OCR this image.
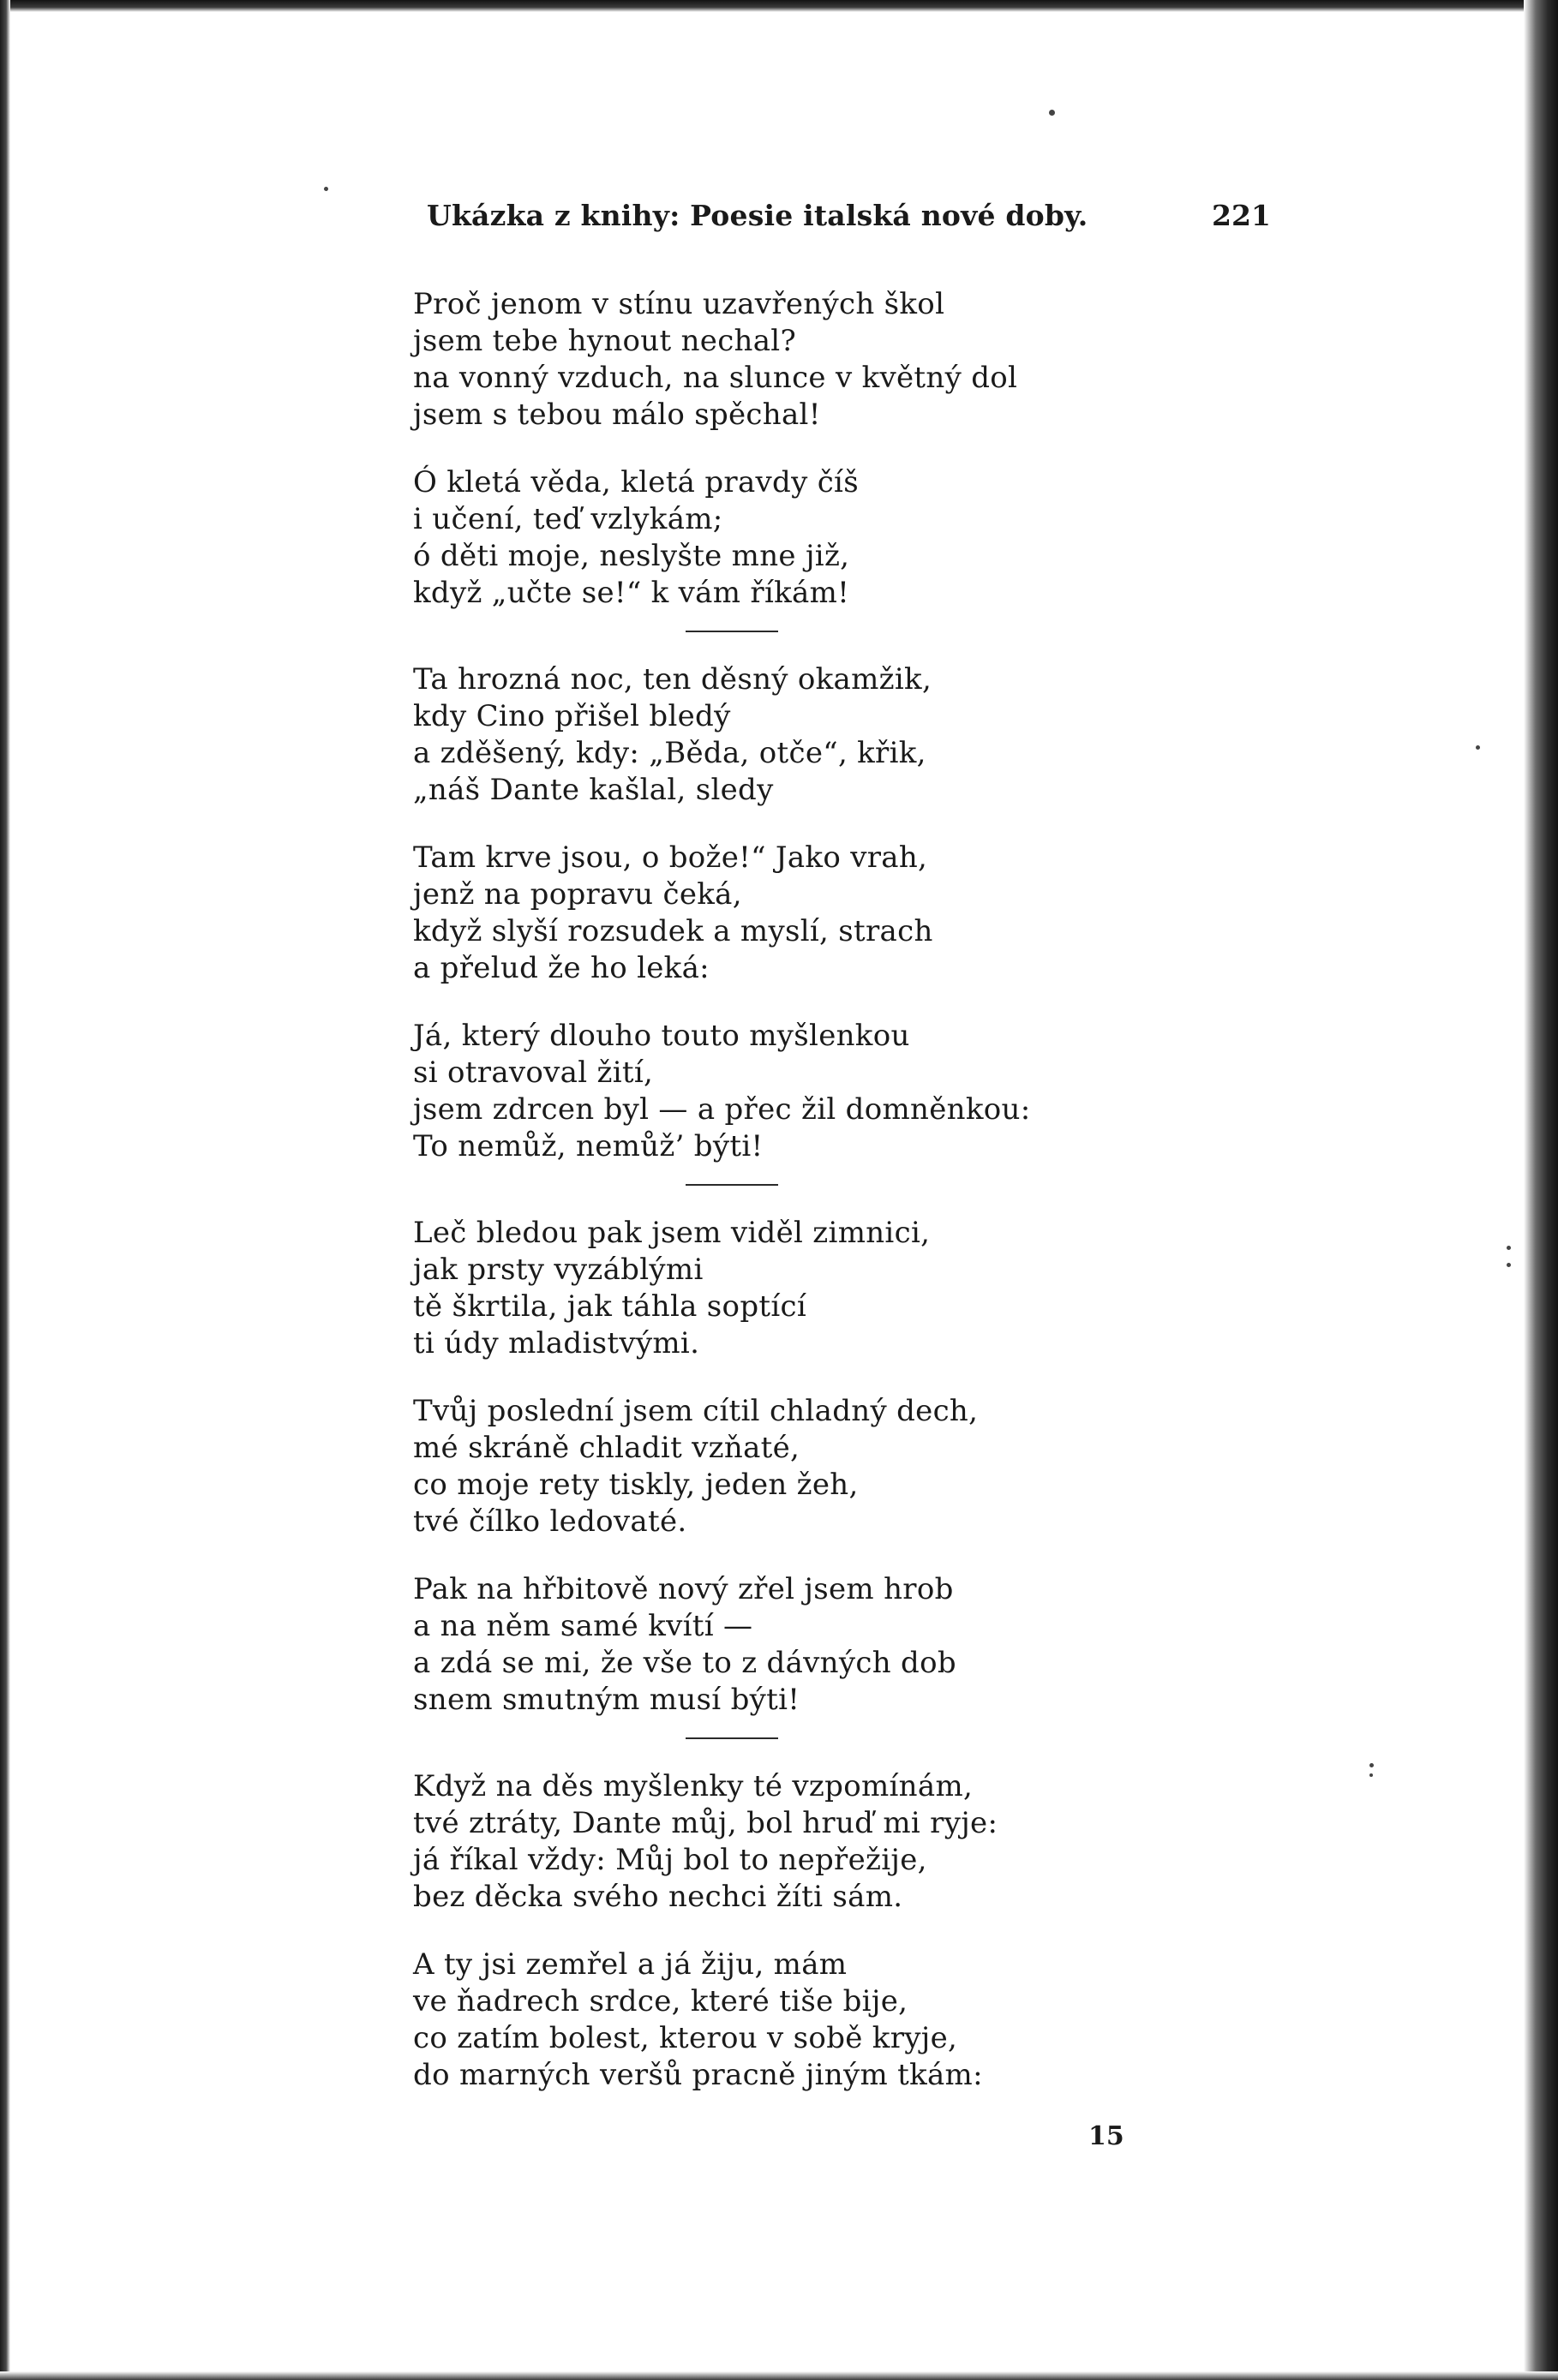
Ukázka z knihy: Poesie italská nové doby.	221
Proč jenom v stínu uzavřených škol
jsem tebe hynout nechal?
na vonný vzduch, na slunce v květný dol
jsem s tebou málo spěchal!
Ó kletá věda, kletá pravdy číš
i učení, teď vzlykám;
ó děti moje, neslyšte mne již,
když „učte se!“ k vám říkám!
Ta hrozná noc, ten děsný okamžik,
kdy Cino přišel bledý
a zděšený, kdy: „Běda, otče“, křik,
„náš Dante kašlal, sledy
Tam krve jsou, o bože!“ Jako vrah,
jenž na popravu čeká,
když slyší rozsudek a myslí, strach
a přelud že ho leká:
Já, který dlouho touto myšlenkou
si otravoval žití,
jsem zdrcen byl — a přec žil domněnkou:
To nemůž, nemůž’ býti!
Leč bledou pak jsem viděl zimnici,
jak prsty vyzáblými
tě škrtila, jak táhla soptící
ti údy mladistvými.
Tvůj poslední jsem cítil chladný dech,
mé skráně chladit vzňaté,
co moje rety tiskly, jeden žeh,
tvé čílko ledovaté.
Pak na hřbitově nový zřel jsem hrob
a na něm samé kvítí —
a zdá se mi, že vše to z dávných dob
snem smutným musí býti!
Když na děs myšlenky té vzpomínám,
tvé ztráty, Dante můj, bol hruď mi ryje:
já říkal vždy: Můj bol to nepřežije,
bez děcka svého nechci žíti sám.
A ty jsi zemřel a já žiju, mám
ve ňadrech srdce, které tiše bije,
co zatím bolest, kterou v sobě kryje,
do marných veršů pracně jiným tkám:
15
